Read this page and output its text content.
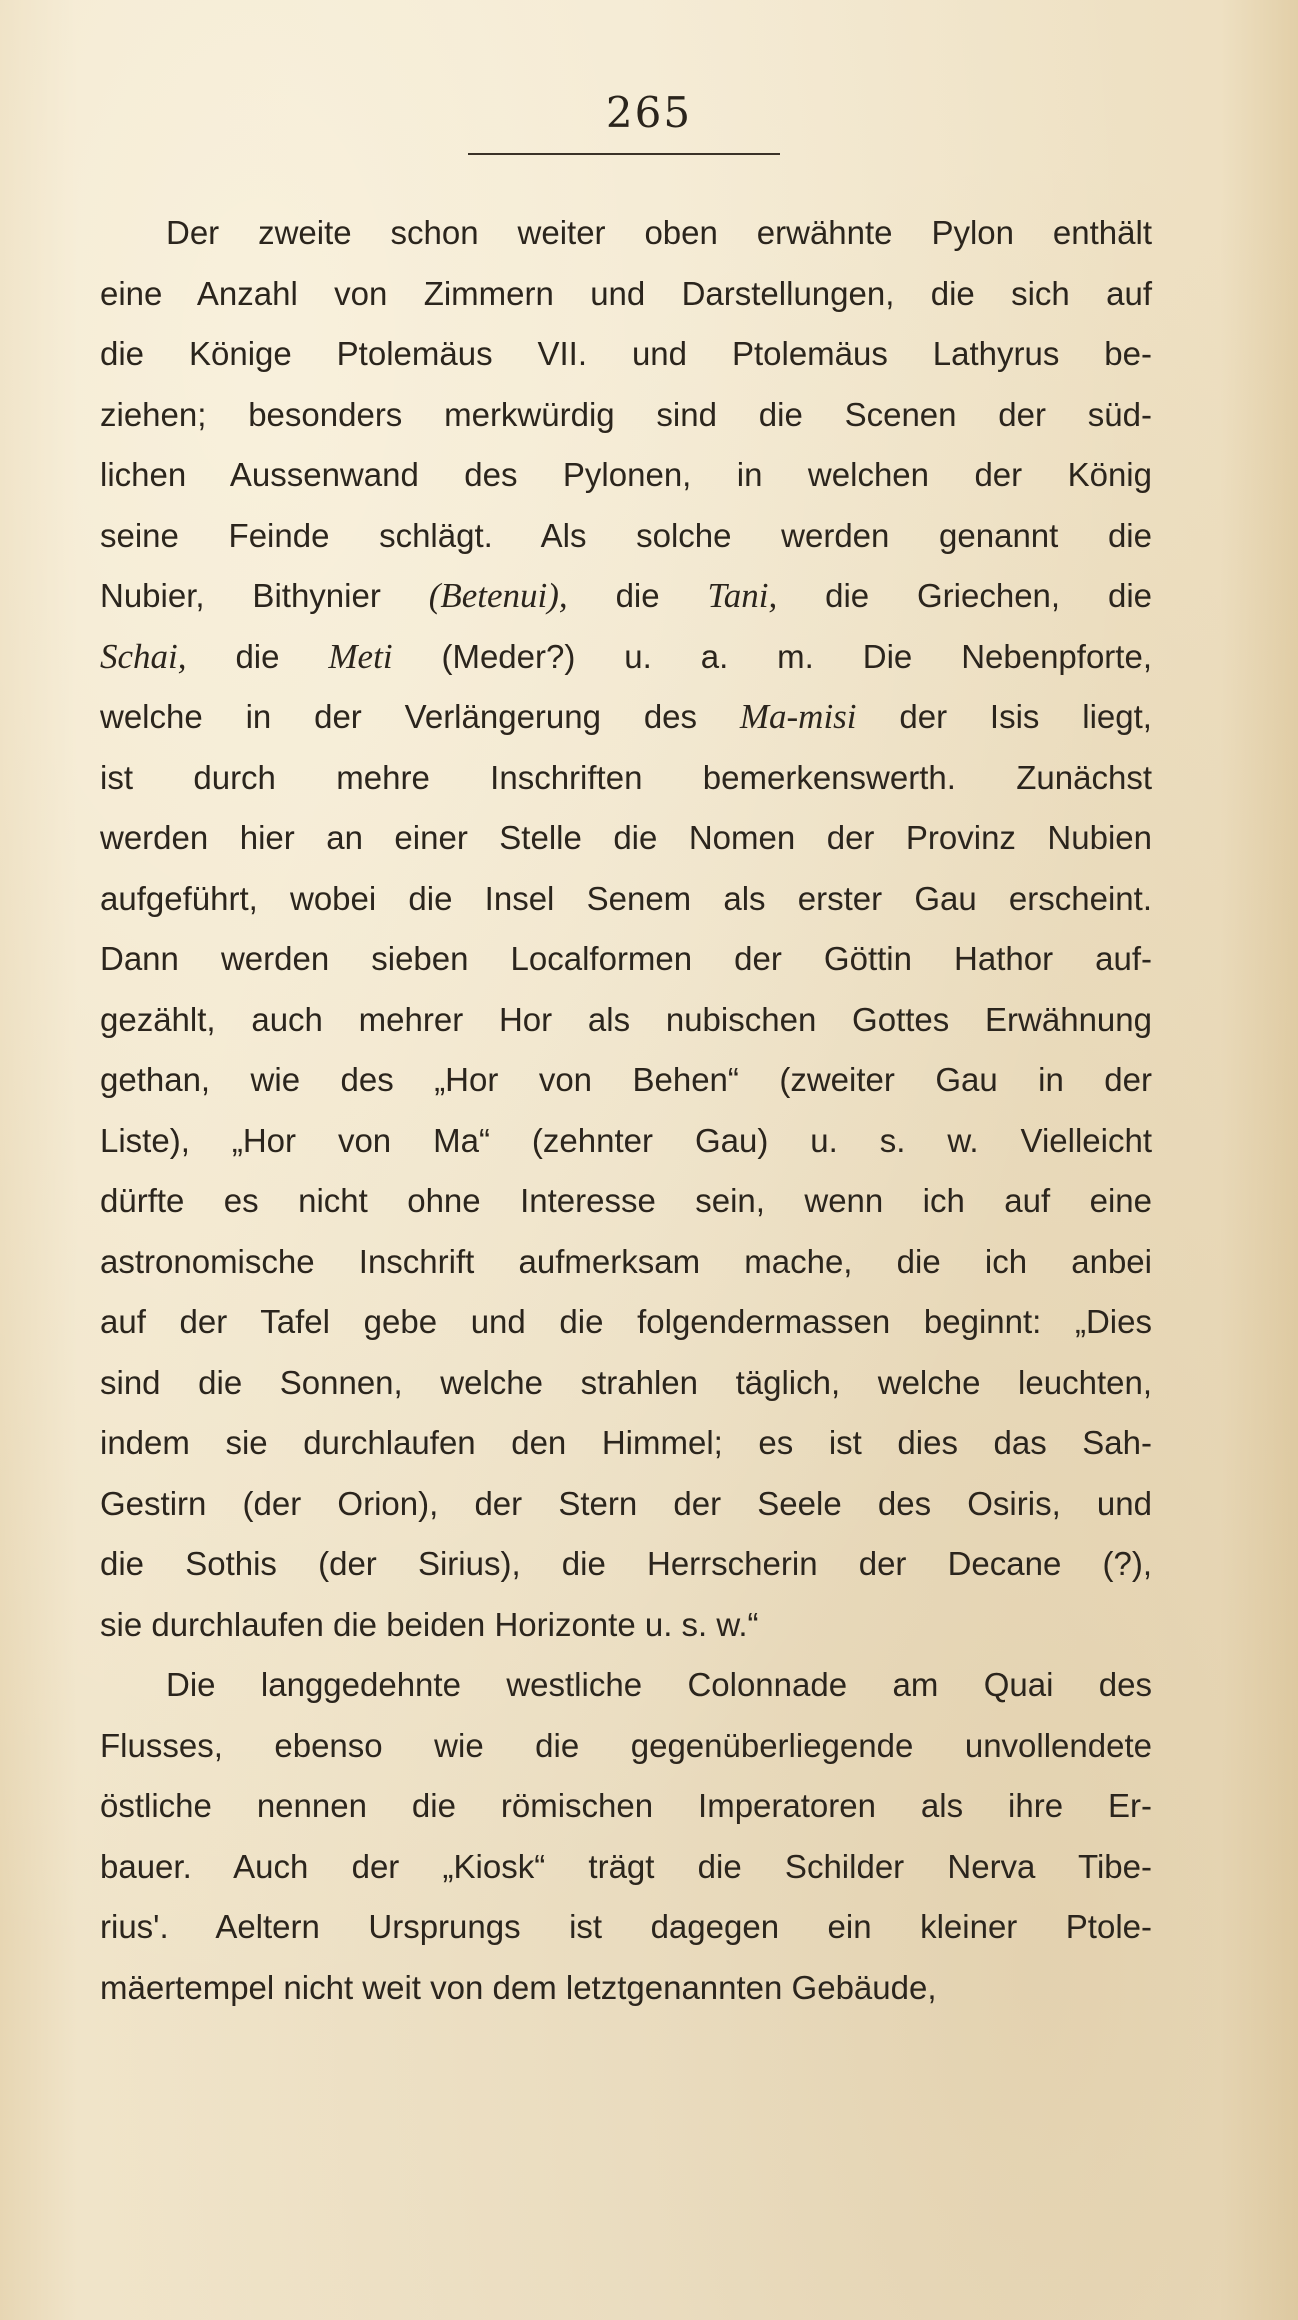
265
Der zweite schon weiter oben erwähnte Pylon enthält
eine Anzahl von Zimmern und Darstellungen, die sich auf
die Könige Ptolemäus VII. und Ptolemäus Lathyrus be-
ziehen; besonders merkwürdig sind die Scenen der süd-
lichen Aussenwand des Pylonen, in welchen der König
seine Feinde schlägt. Als solche werden genannt die
Nubier, Bithynier (Betenui), die Tani, die Griechen, die
Schai, die Meti (Meder?) u. a. m. Die Nebenpforte,
welche in der Verlängerung des Ma-misi der Isis liegt,
ist durch mehre Inschriften bemerkenswerth. Zunächst
werden hier an einer Stelle die Nomen der Provinz Nubien
aufgeführt, wobei die Insel Senem als erster Gau erscheint.
Dann werden sieben Localformen der Göttin Hathor auf-
gezählt, auch mehrer Hor als nubischen Gottes Erwähnung
gethan, wie des „Hor von Behen“ (zweiter Gau in der
Liste), „Hor von Ma“ (zehnter Gau) u. s. w. Vielleicht
dürfte es nicht ohne Interesse sein, wenn ich auf eine
astronomische Inschrift aufmerksam mache, die ich anbei
auf der Tafel gebe und die folgendermassen beginnt: „Dies
sind die Sonnen, welche strahlen täglich, welche leuchten,
indem sie durchlaufen den Himmel; es ist dies das Sah-
Gestirn (der Orion), der Stern der Seele des Osiris, und
die Sothis (der Sirius), die Herrscherin der Decane (?),
sie durchlaufen die beiden Horizonte u. s. w.“
Die langgedehnte westliche Colonnade am Quai des
Flusses, ebenso wie die gegenüberliegende unvollendete
östliche nennen die römischen Imperatoren als ihre Er-
bauer. Auch der „Kiosk“ trägt die Schilder Nerva Tibe-
rius'. Aeltern Ursprungs ist dagegen ein kleiner Ptole-
mäertempel nicht weit von dem letztgenannten Gebäude,
